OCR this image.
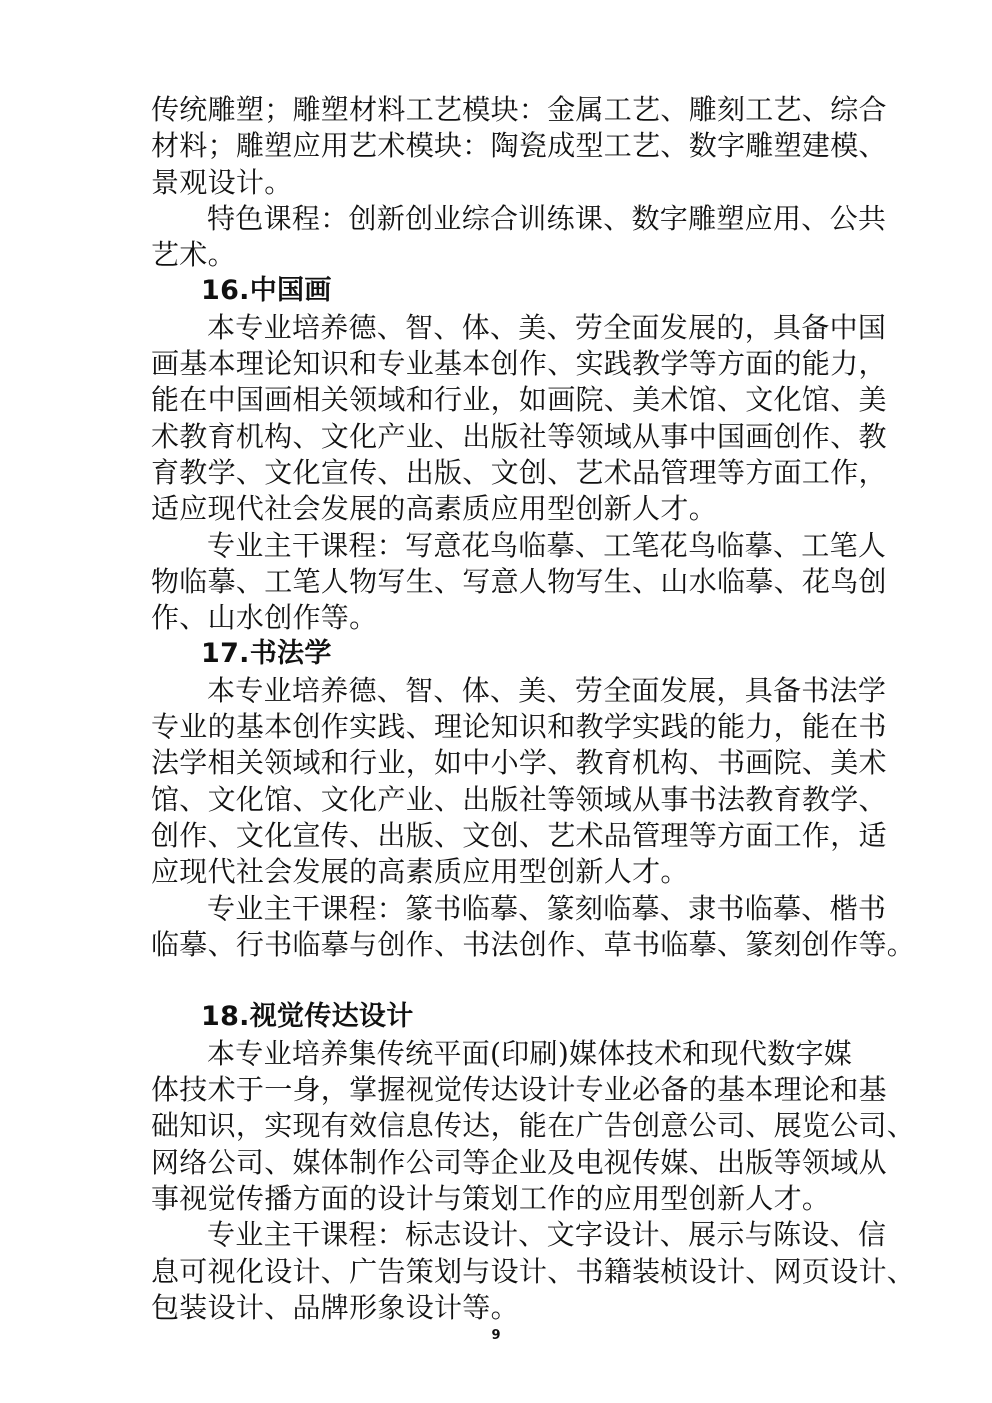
传统雕塑；雕塑材料工艺模块：金属工艺、雕刻工艺、综合
材料；雕塑应用艺术模块：陶瓷成型工艺、数字雕塑建模、
景观设计。
特色课程：创新创业综合训练课、数字雕塑应用、公共
艺术。
16.中国画
本专业培养德、智、体、美、劳全面发展的，具备中国
画基本理论知识和专业基本创作、实践教学等方面的能力，
能在中国画相关领域和行业，如画院、美术馆、文化馆、美
术教育机构、文化产业、出版社等领域从事中国画创作、教
育教学、文化宣传、出版、文创、艺术品管理等方面工作，
适应现代社会发展的高素质应用型创新人才。
专业主干课程：写意花鸟临摹、工笔花鸟临摹、工笔人
物临摹、工笔人物写生、写意人物写生、山水临摹、花鸟创
作、山水创作等。
17.书法学
本专业培养德、智、体、美、劳全面发展，具备书法学
专业的基本创作实践、理论知识和教学实践的能力，能在书
法学相关领域和行业，如中小学、教育机构、书画院、美术
馆、文化馆、文化产业、出版社等领域从事书法教育教学、
创作、文化宣传、出版、文创、艺术品管理等方面工作，适
应现代社会发展的高素质应用型创新人才。
专业主干课程：篆书临摹、篆刻临摹、隶书临摹、楷书
临摹、行书临摹与创作、书法创作、草书临摹、篆刻创作等。
18.视觉传达设计
本专业培养集传统平面(印刷)媒体技术和现代数字媒
体技术于一身，掌握视觉传达设计专业必备的基本理论和基
础知识，实现有效信息传达，能在广告创意公司、展览公司、
网络公司、媒体制作公司等企业及电视传媒、出版等领域从
事视觉传播方面的设计与策划工作的应用型创新人才。
专业主干课程：标志设计、文字设计、展示与陈设、信
息可视化设计、广告策划与设计、书籍装桢设计、网页设计、
包装设计、品牌形象设计等。
9
